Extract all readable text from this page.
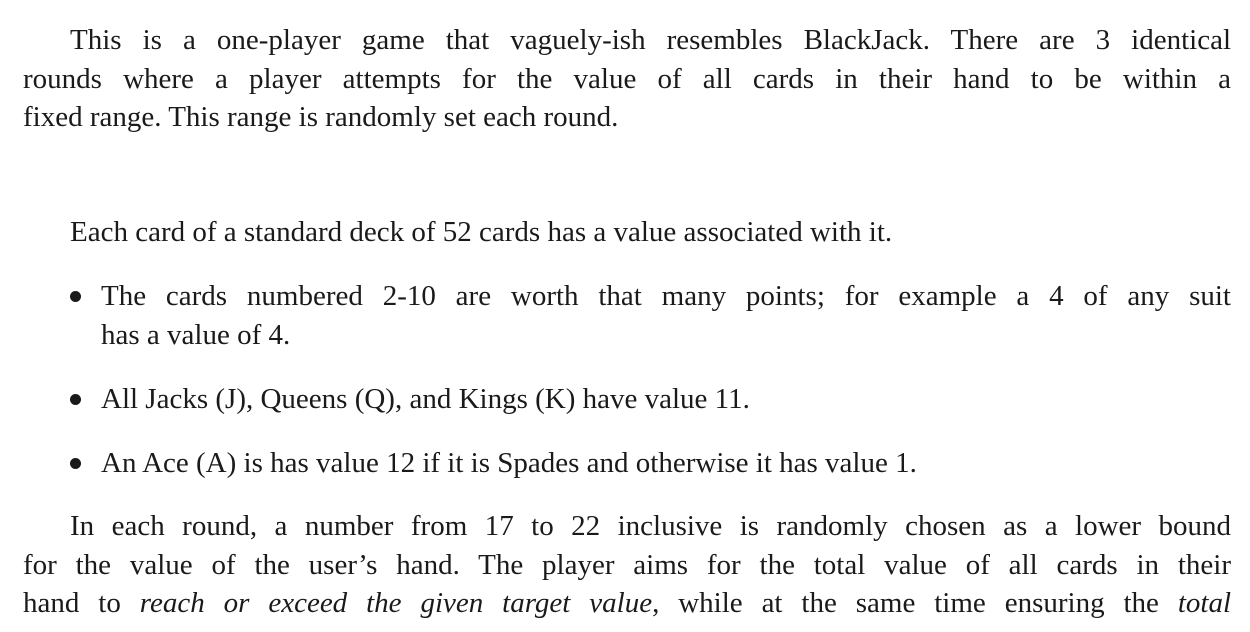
This is a one-player game that vaguely-ish resembles BlackJack. There are 3 identical
rounds where a player attempts for the value of all cards in their hand to be within a
fixed range. This range is randomly set each round.
Each card of a standard deck of 52 cards has a value associated with it.
The cards numbered 2-10 are worth that many points; for example a 4 of any suit
has a value of 4.
All Jacks (J), Queens (Q), and Kings (K) have value 11.
An Ace (A) is has value 12 if it is Spades and otherwise it has value 1.
In each round, a number from 17 to 22 inclusive is randomly chosen as a lower bound
for the value of the user’s hand. The player aims for the total value of all cards in their
hand to reach or exceed the given target value, while at the same time ensuring the total
